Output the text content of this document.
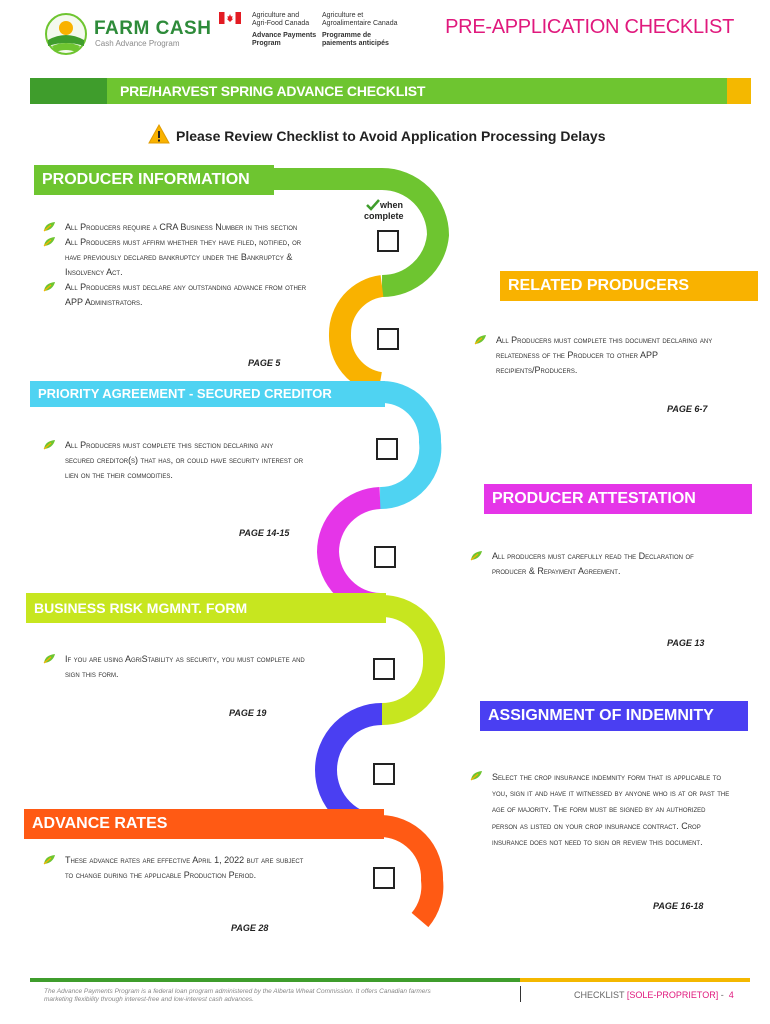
FARM CASH
Cash Advance Program
Agriculture and
Agri-Food Canada
Advance Payments
Program
Agriculture et
Agroalimentaire Canada
Programme de
paiements anticipés
PRE-APPLICATION CHECKLIST
PRE/HARVEST SPRING ADVANCE CHECKLIST
Please Review Checklist to Avoid Application Processing Delays
when
complete
PRODUCER INFORMATION
All Producers require a CRA Business Number in this section
All Producers must affirm whether they have filed, notified, or have previously declared bankruptcy under the Bankruptcy & Insolvency Act.
All Producers must declare any outstanding advance from other APP Administrators.
PAGE 5
RELATED PRODUCERS
All Producers must complete this document declaring any relatedness of the Producer to other APP recipients/Producers.
PAGE 6-7
PRIORITY AGREEMENT - SECURED CREDITOR
All Producers must complete this section declaring any secured creditor(s) that has, or could have security interest or lien on the their commodities.
PAGE 14-15
PRODUCER ATTESTATION
All producers must carefully read the Declaration of producer & Repayment Agreement.
PAGE 13
BUSINESS RISK MGMNT. FORM
If you are using AgriStability as security, you must complete and sign this form.
PAGE 19	ASSIGNMENT OF INDEMNITY
Select the crop insurance indemnity form that is applicable to you, sign it and have it witnessed by anyone who is at or past the age of majority. The form must be signed by an authorized person as listed on your crop insurance contract. Crop insurance does not need to sign or review this document.
PAGE 16-18
ADVANCE RATES
These advance rates are effective April 1, 2022 but are subject to change during the applicable Production Period.
PAGE 28
The Advance Payments Program is a federal loan program administered by the Alberta Wheat Commission. It offers Canadian farmers marketing flexibility through interest-free and low-interest cash advances.	CHECKLIST [SOLE-PROPRIETOR] - 4
